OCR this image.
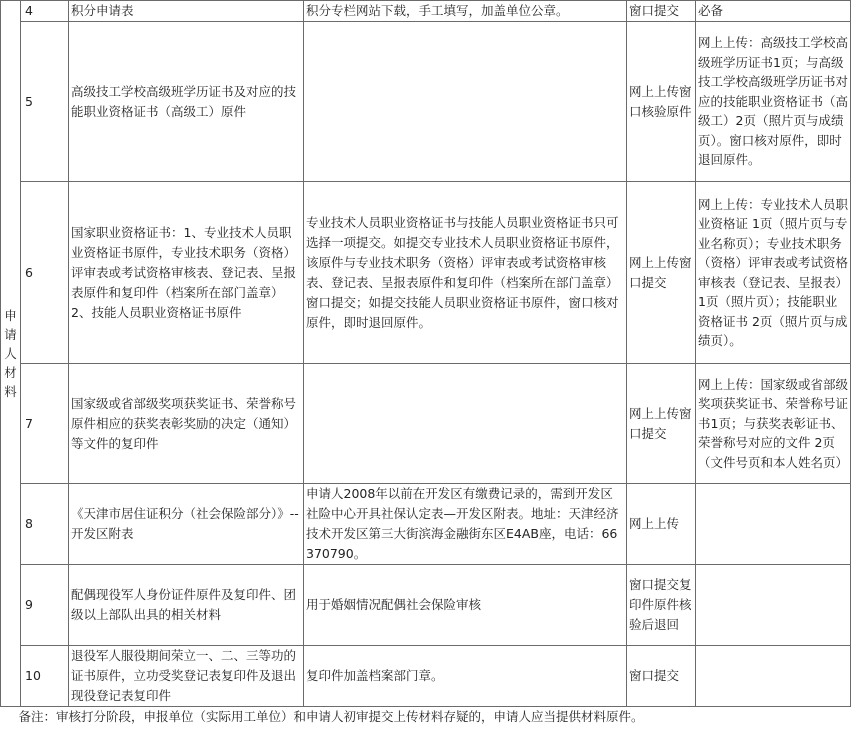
申
请
人
材
料	4	积分申请表	积分专栏网站下载，手工填写，加盖单位公章。	窗口提交	必备
	5	高级技工学校高级班学历证书及对应的技能职业资格证书（高级工）原件		网上上传窗口核验原件	网上上传：高级技工学校高级班学历证书1页；与高级技工学校高级班学历证书对应的技能职业资格证书（高级工）2页（照片页与成绩页）。窗口核对原件，即时退回原件。
	6	国家职业资格证书：1、专业技术人员职业资格证书原件，专业技术职务（资格）评审表或考试资格审核表、登记表、呈报表原件和复印件（档案所在部门盖章）2、技能人员职业资格证书原件	专业技术人员职业资格证书与技能人员职业资格证书只可选择一项提交。如提交专业技术人员职业资格证书原件，该原件与专业技术职务（资格）评审表或考试资格审核表、登记表、呈报表原件和复印件（档案所在部门盖章）窗口提交；如提交技能人员职业资格证书原件，窗口核对原件，即时退回原件。	网上上传窗口提交	网上上传：专业技术人员职业资格证 1页（照片页与专业名称页）；专业技术职务（资格）评审表或考试资格审核表（登记表、呈报表）1页（照片页）；技能职业资格证书 2页（照片页与成绩页）。
	7	国家级或省部级奖项获奖证书、荣誉称号原件相应的获奖表彰奖励的决定（通知）等文件的复印件		网上上传窗口提交	网上上传：国家级或省部级奖项获奖证书、荣誉称号证书1页；与获奖表彰证书、荣誉称号对应的文件 2页（文件号页和本人姓名页）
	8	《天津市居住证积分（社会保险部分）》--开发区附表	申请人2008年以前在开发区有缴费记录的，需到开发区社险中心开具社保认定表—开发区附表。地址：天津经济技术开发区第三大街滨海金融街东区E4AB座，电话：66370790。	网上上传	
	9	配偶现役军人身份证件原件及复印件、团级以上部队出具的相关材料	用于婚姻情况配偶社会保险审核	窗口提交复印件原件核验后退回	
	10	退役军人服役期间荣立一、二、三等功的证书原件，立功受奖登记表复印件及退出现役登记表复印件	复印件加盖档案部门章。	窗口提交	
备注：审核打分阶段，申报单位（实际用工单位）和申请人初审提交上传材料存疑的，申请人应当提供材料原件。					
